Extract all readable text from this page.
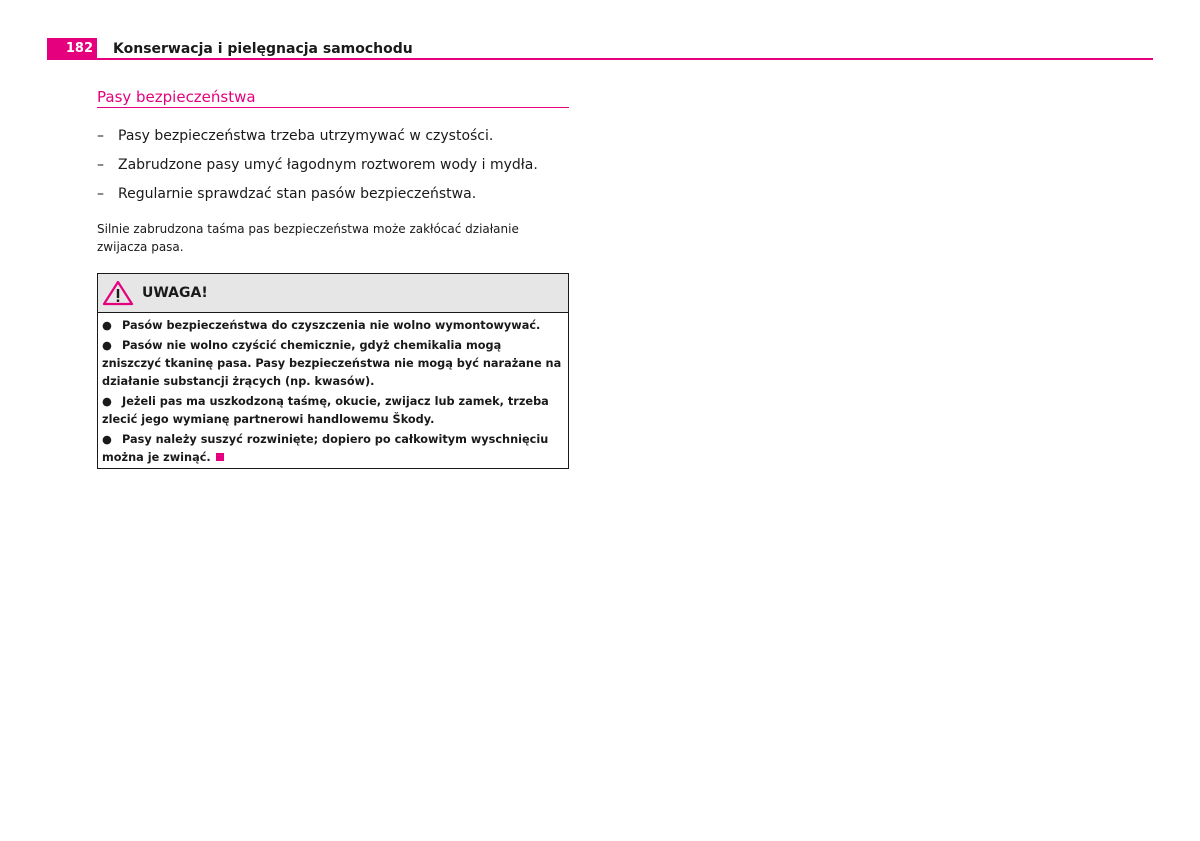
182 Konserwacja i pielęgnacja samochodu
Pasy bezpieczeństwa
–	Pasy bezpieczeństwa trzeba utrzymywać w czystości.
–	Zabrudzone pasy umyć łagodnym roztworem wody i mydła.
–	Regularnie sprawdzać stan pasów bezpieczeństwa.
Silnie zabrudzona taśma pas bezpieczeństwa może zakłócać działanie zwijacza pasa.
UWAGA!
● Pasów bezpieczeństwa do czyszczenia nie wolno wymontowywać.
● Pasów nie wolno czyścić chemicznie, gdyż chemikalia mogą zniszczyć tkaninę pasa. Pasy bezpieczeństwa nie mogą być narażane na działanie substancji żrących (np. kwasów).
● Jeżeli pas ma uszkodzoną taśmę, okucie, zwijacz lub zamek, trzeba zlecić jego wymianę partnerowi handlowemu Škody.
● Pasy należy suszyć rozwinięte; dopiero po całkowitym wyschnięciu można je zwinąć.
